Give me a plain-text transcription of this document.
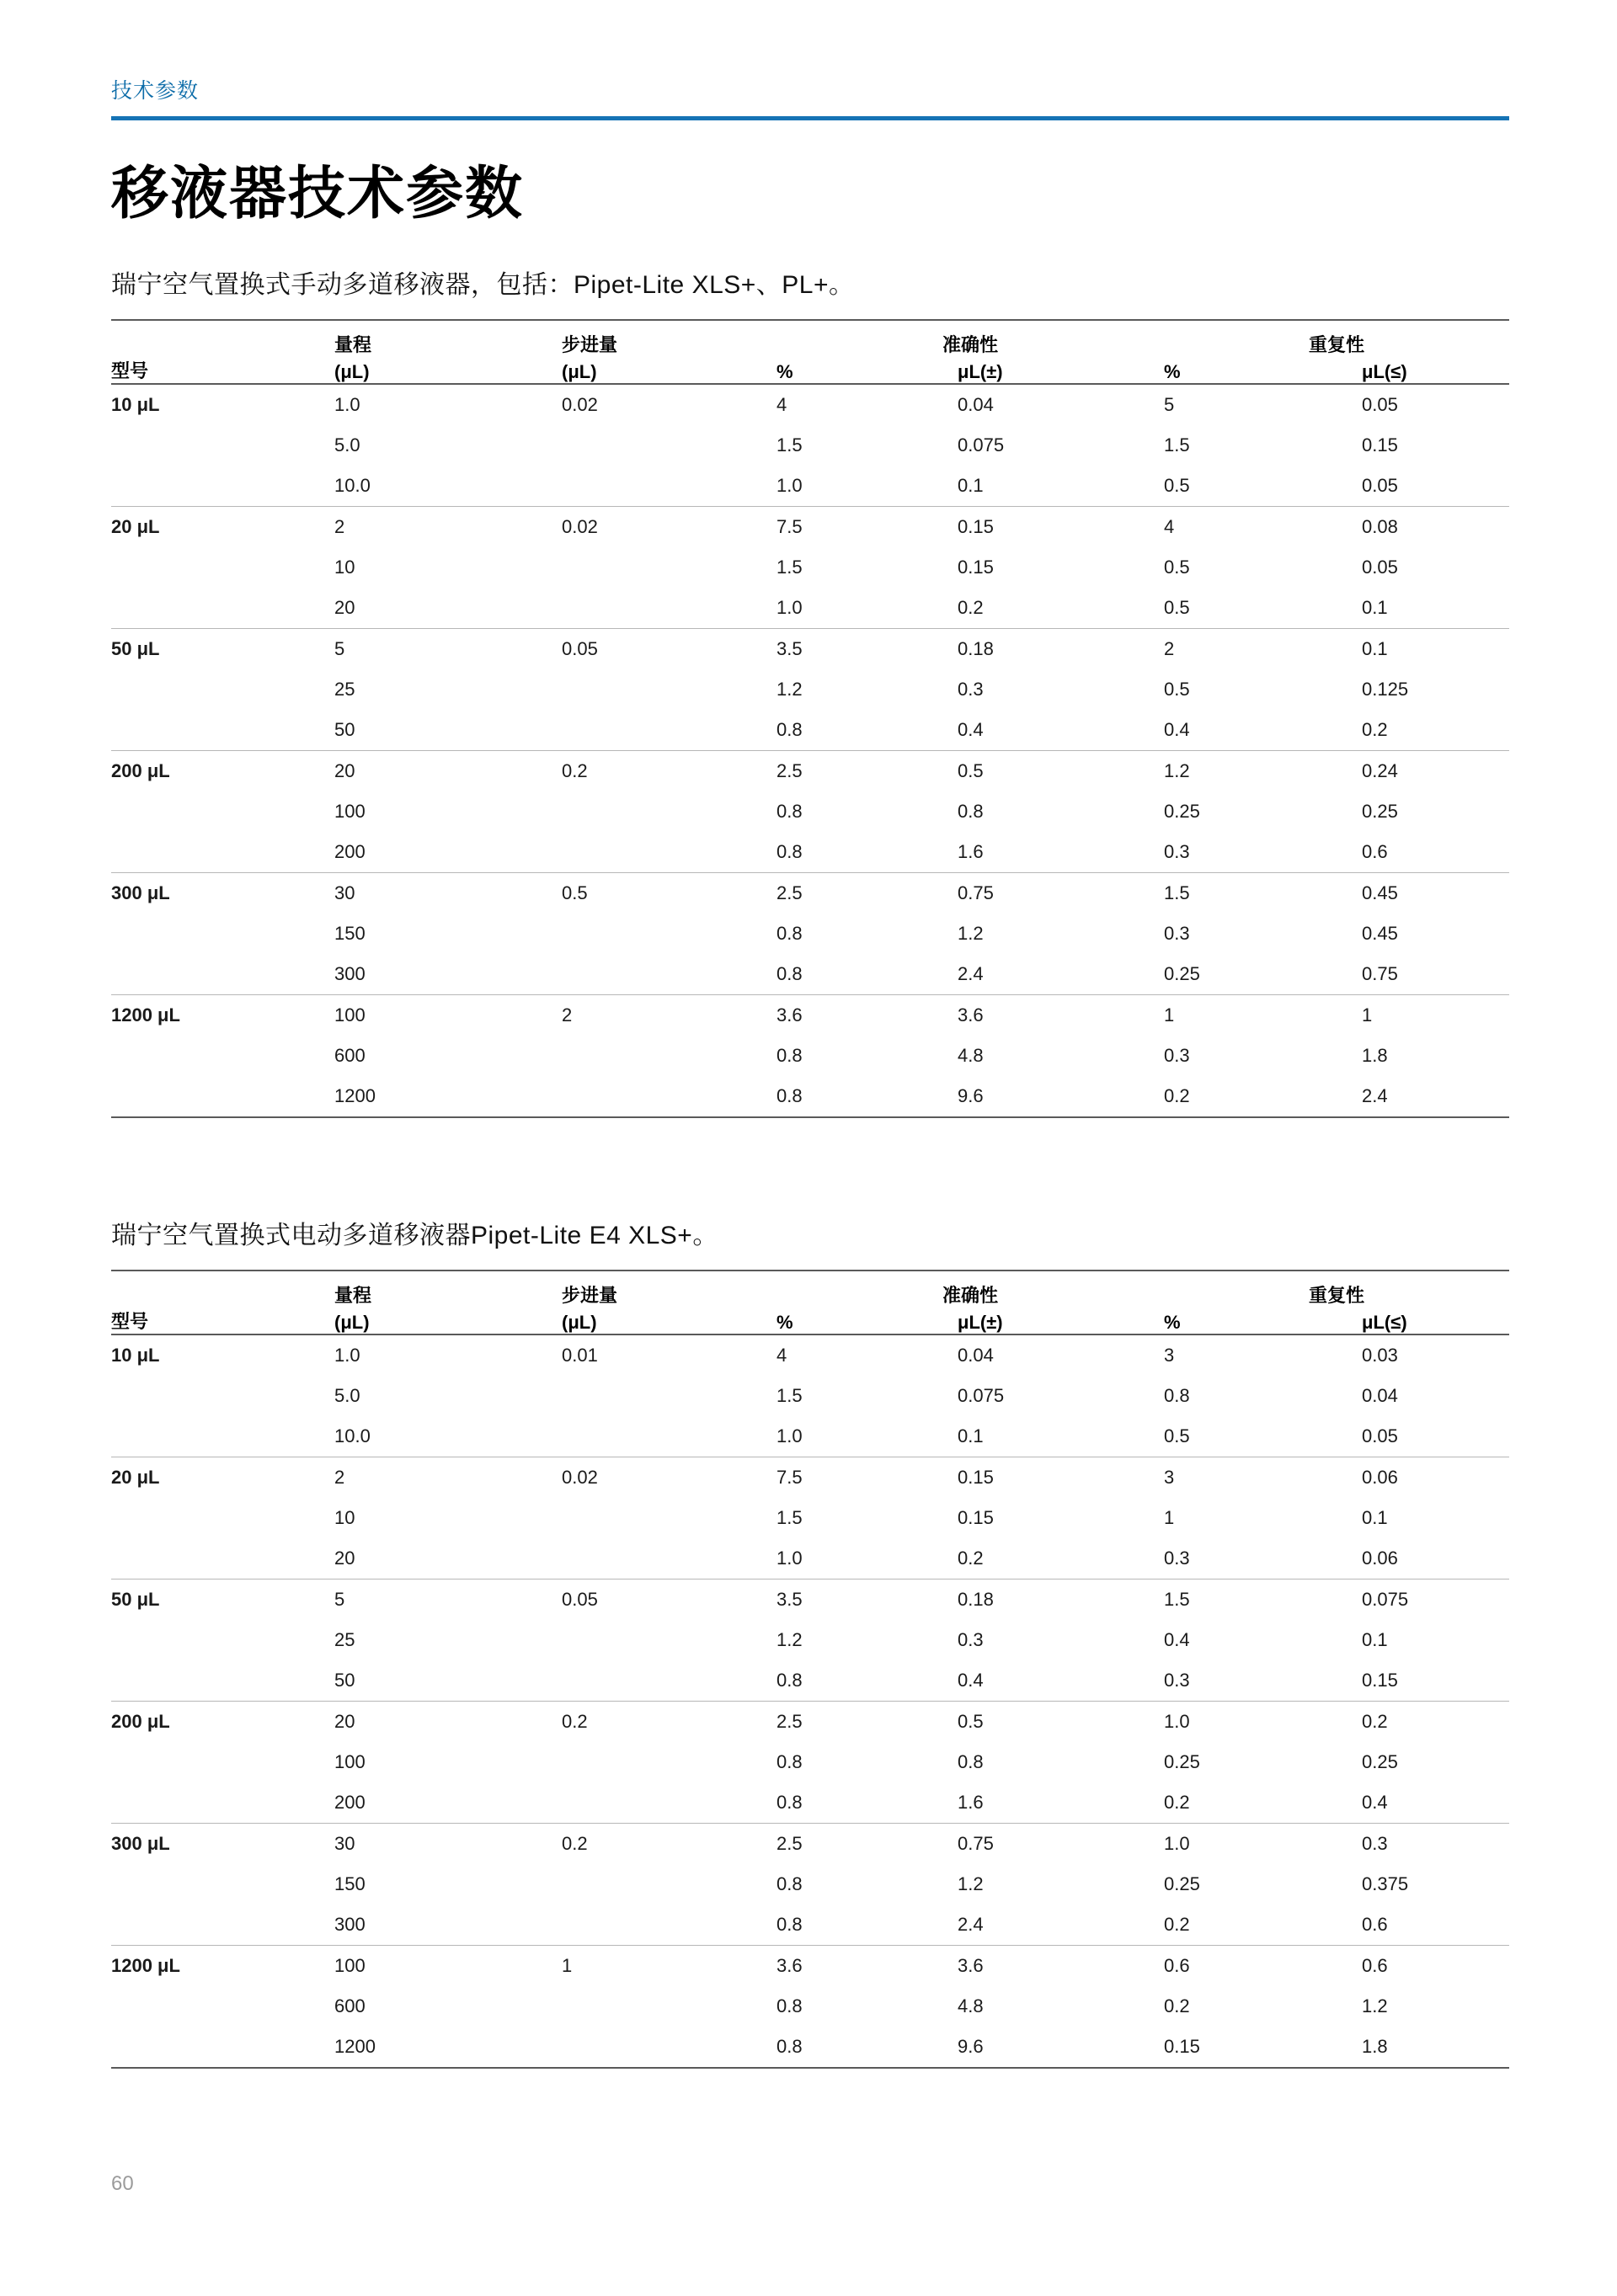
技术参数
移液器技术参数
瑞宁空气置换式手动多道移液器，包括：Pipet-Lite XLS+、PL+。
	量程	步进量	准确性		重复性	
型号	(μL)	(μL)	%	μL(±)	%	μL(≤)
10 μL	1.0	0.02	4	0.04	5	0.05
	5.0		1.5	0.075	1.5	0.15
	10.0		1.0	0.1	0.5	0.05
20 μL	2	0.02	7.5	0.15	4	0.08
	10		1.5	0.15	0.5	0.05
	20		1.0	0.2	0.5	0.1
50 μL	5	0.05	3.5	0.18	2	0.1
	25		1.2	0.3	0.5	0.125
	50		0.8	0.4	0.4	0.2
200 μL	20	0.2	2.5	0.5	1.2	0.24
	100		0.8	0.8	0.25	0.25
	200		0.8	1.6	0.3	0.6
300 μL	30	0.5	2.5	0.75	1.5	0.45
	150		0.8	1.2	0.3	0.45
	300		0.8	2.4	0.25	0.75
1200 μL	100	2	3.6	3.6	1	1
	600		0.8	4.8	0.3	1.8
	1200		0.8	9.6	0.2	2.4

瑞宁空气置换式电动多道移液器Pipet-Lite E4 XLS+。
	量程	步进量	准确性		重复性	
型号	(μL)	(μL)	%	μL(±)	%	μL(≤)
10 μL	1.0	0.01	4	0.04	3	0.03
	5.0		1.5	0.075	0.8	0.04
	10.0		1.0	0.1	0.5	0.05
20 μL	2	0.02	7.5	0.15	3	0.06
	10		1.5	0.15	1	0.1
	20		1.0	0.2	0.3	0.06
50 μL	5	0.05	3.5	0.18	1.5	0.075
	25		1.2	0.3	0.4	0.1
	50		0.8	0.4	0.3	0.15
200 μL	20	0.2	2.5	0.5	1.0	0.2
	100		0.8	0.8	0.25	0.25
	200		0.8	1.6	0.2	0.4
300 μL	30	0.2	2.5	0.75	1.0	0.3
	150		0.8	1.2	0.25	0.375
	300		0.8	2.4	0.2	0.6
1200 μL	100	1	3.6	3.6	0.6	0.6
	600		0.8	4.8	0.2	1.2
	1200		0.8	9.6	0.15	1.8

60
